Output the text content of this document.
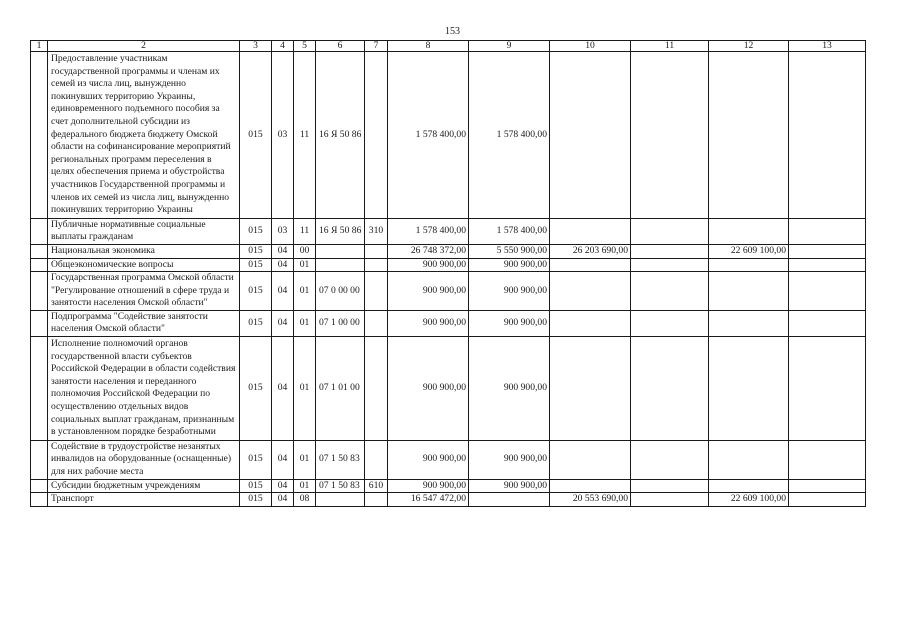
153
1	2	3	4	5	6	7	8	9	10	11	12	13
	Предоставление участникам государственной программы и членам их семей из числа лиц, вынужденно покинувших территорию Украины, единовременного подъемного пособия за счет дополнительной субсидии из федерального бюджета бюджету Омской области на софинансирование мероприятий региональных программ переселения в целях обеспечения приема и обустройства участников Государственной программы и членов их семей из числа лиц, вынужденно покинувших территорию Украины	015	03	11	16 Я 50 86		1 578 400,00	1 578 400,00				
	Публичные нормативные социальные выплаты гражданам	015	03	11	16 Я 50 86	310	1 578 400,00	1 578 400,00				
	Национальная экономика	015	04	00			26 748 372,00	5 550 900,00	26 203 690,00		22 609 100,00	
	Общеэкономические вопросы	015	04	01			900 900,00	900 900,00				
	Государственная программа Омской области "Регулирование отношений в сфере труда и занятости населения Омской области"	015	04	01	07 0 00 00		900 900,00	900 900,00				
	Подпрограмма "Содействие занятости населения Омской области"	015	04	01	07 1 00 00		900 900,00	900 900,00				
	Исполнение полномочий органов государственной власти субъектов Российской Федерации в области содействия занятости населения и переданного полномочия Российской Федерации по осуществлению отдельных видов социальных выплат гражданам, признанным в установленном порядке безработными	015	04	01	07 1 01 00		900 900,00	900 900,00				
	Содействие в трудоустройстве незанятых инвалидов на оборудованные (оснащенные) для них рабочие места	015	04	01	07 1 50 83		900 900,00	900 900,00				
	Субсидии бюджетным учреждениям	015	04	01	07 1 50 83	610	900 900,00	900 900,00				
	Транспорт	015	04	08			16 547 472,00		20 553 690,00		22 609 100,00	
